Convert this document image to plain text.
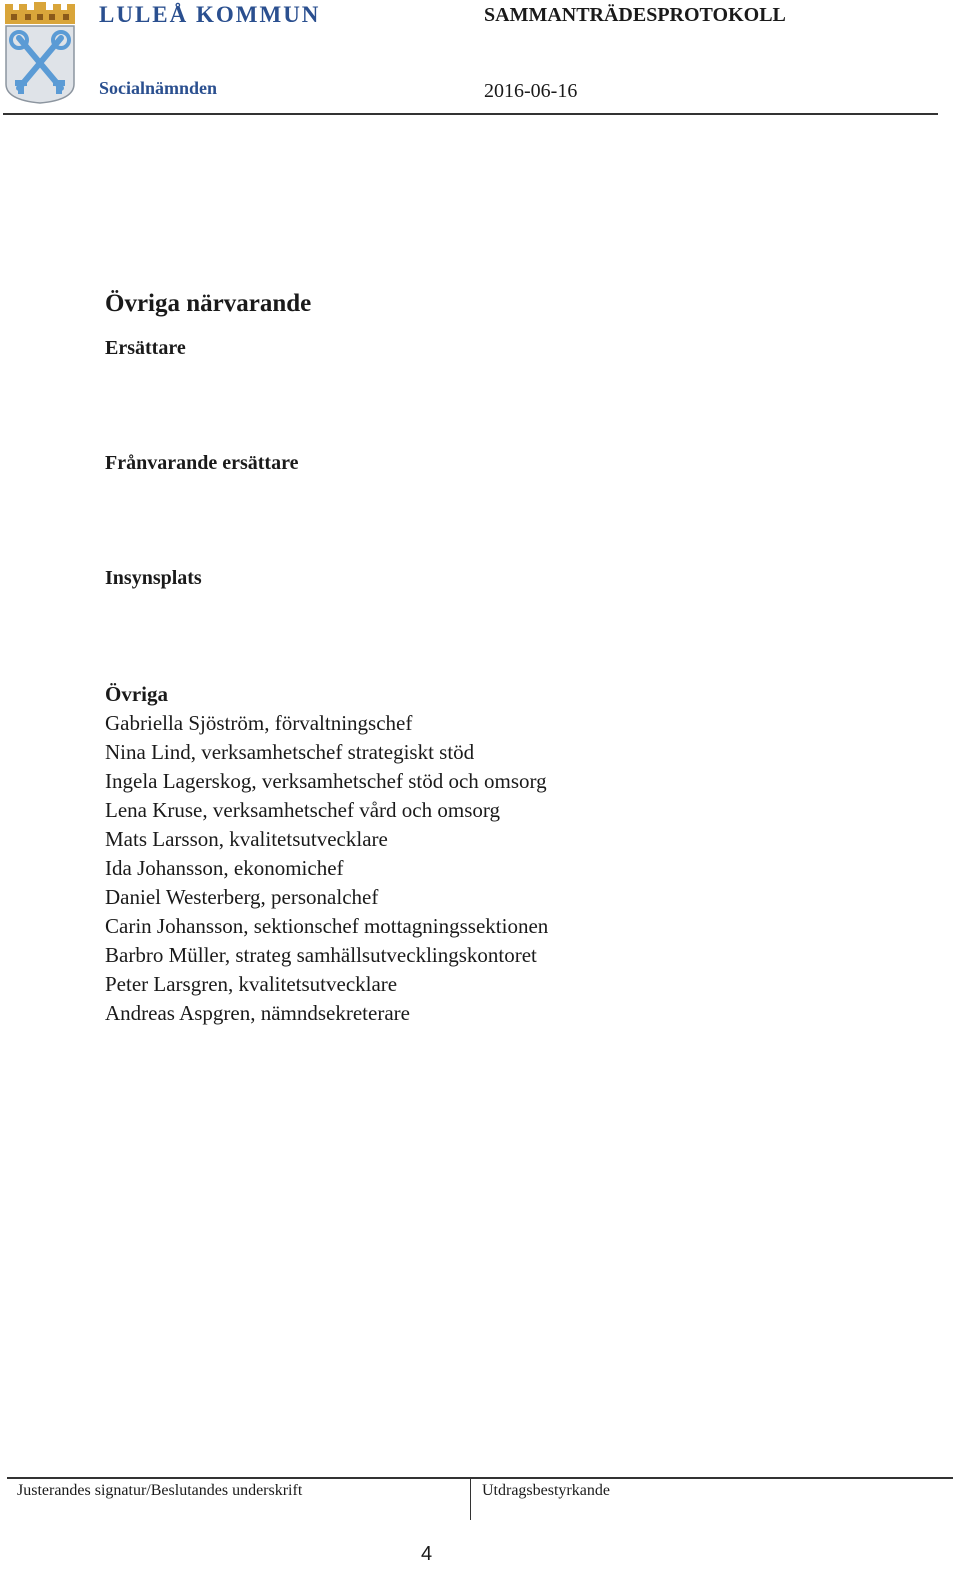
LULEÅ KOMMUN
Socialnämnden
SAMMANTRÄDESPROTOKOLL
2016-06-16
Övriga närvarande
Ersättare
Frånvarande ersättare
Insynsplats
Övriga
Gabriella Sjöström, förvaltningschef
Nina Lind, verksamhetschef strategiskt stöd
Ingela Lagerskog, verksamhetschef stöd och omsorg
Lena Kruse, verksamhetschef vård och omsorg
Mats Larsson, kvalitetsutvecklare
Ida Johansson, ekonomichef
Daniel Westerberg, personalchef
Carin Johansson, sektionschef mottagningssektionen
Barbro Müller, strateg samhällsutvecklingskontoret
Peter Larsgren, kvalitetsutvecklare
Andreas Aspgren, nämndsekreterare
Justerandes signatur/Beslutandes underskrift	Utdragsbestyrkande
4
